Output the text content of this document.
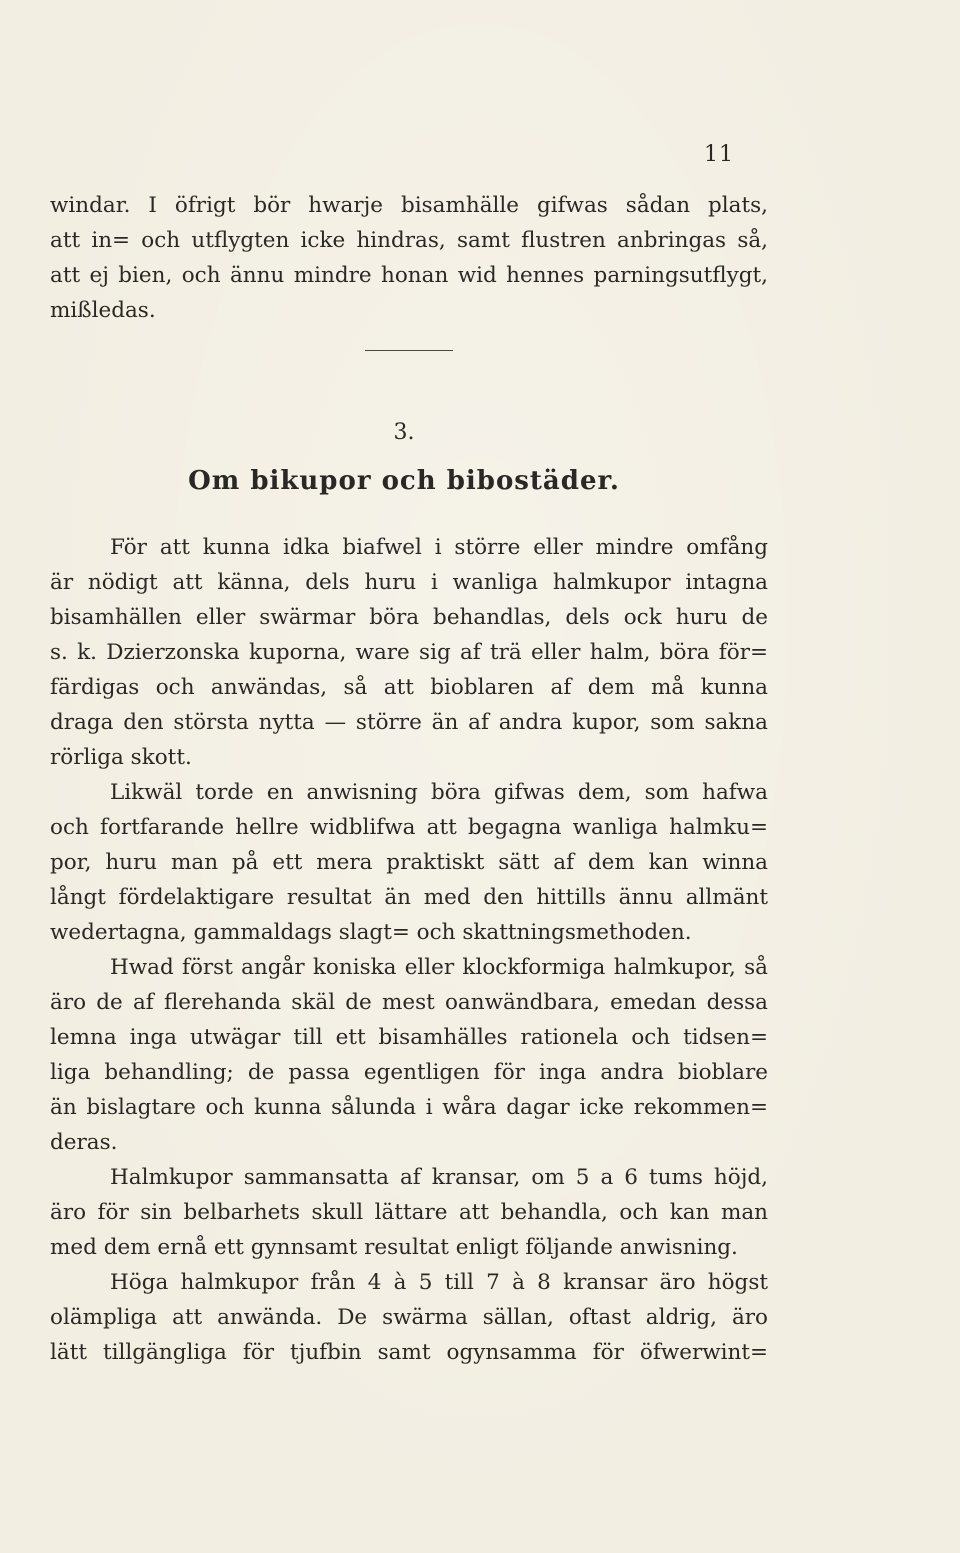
11
windar. I öfrigt bör hwarje bisamhälle gifwas sådan plats,
att in= och utflygten icke hindras, samt flustren anbringas så,
att ej bien, och ännu mindre honan wid hennes parningsutflygt,
mißledas.
3.
Om bikupor och bibostäder.
För att kunna idka biafwel i större eller mindre omfång
är nödigt att känna, dels huru i wanliga halmkupor intagna
bisamhällen eller swärmar böra behandlas, dels ock huru de
s. k. Dzierzonska kuporna, ware sig af trä eller halm, böra för=
färdigas och anwändas, så att bioblaren af dem må kunna
draga den största nytta — större än af andra kupor, som sakna
rörliga skott.
Likwäl torde en anwisning böra gifwas dem, som hafwa
och fortfarande hellre widblifwa att begagna wanliga halmku=
por, huru man på ett mera praktiskt sätt af dem kan winna
långt fördelaktigare resultat än med den hittills ännu allmänt
wedertagna, gammaldags slagt= och skattningsmethoden.
Hwad först angår koniska eller klockformiga halmkupor, så
äro de af flerehanda skäl de mest oanwändbara, emedan dessa
lemna inga utwägar till ett bisamhälles rationela och tidsen=
liga behandling; de passa egentligen för inga andra bioblare
än bislagtare och kunna sålunda i wåra dagar icke rekommen=
deras.
Halmkupor sammansatta af kransar, om 5 a 6 tums höjd,
äro för sin belbarhets skull lättare att behandla, och kan man
med dem ernå ett gynnsamt resultat enligt följande anwisning.
Höga halmkupor från 4 à 5 till 7 à 8 kransar äro högst
olämpliga att anwända. De swärma sällan, oftast aldrig, äro
lätt tillgängliga för tjufbin samt ogynsamma för öfwerwint=
